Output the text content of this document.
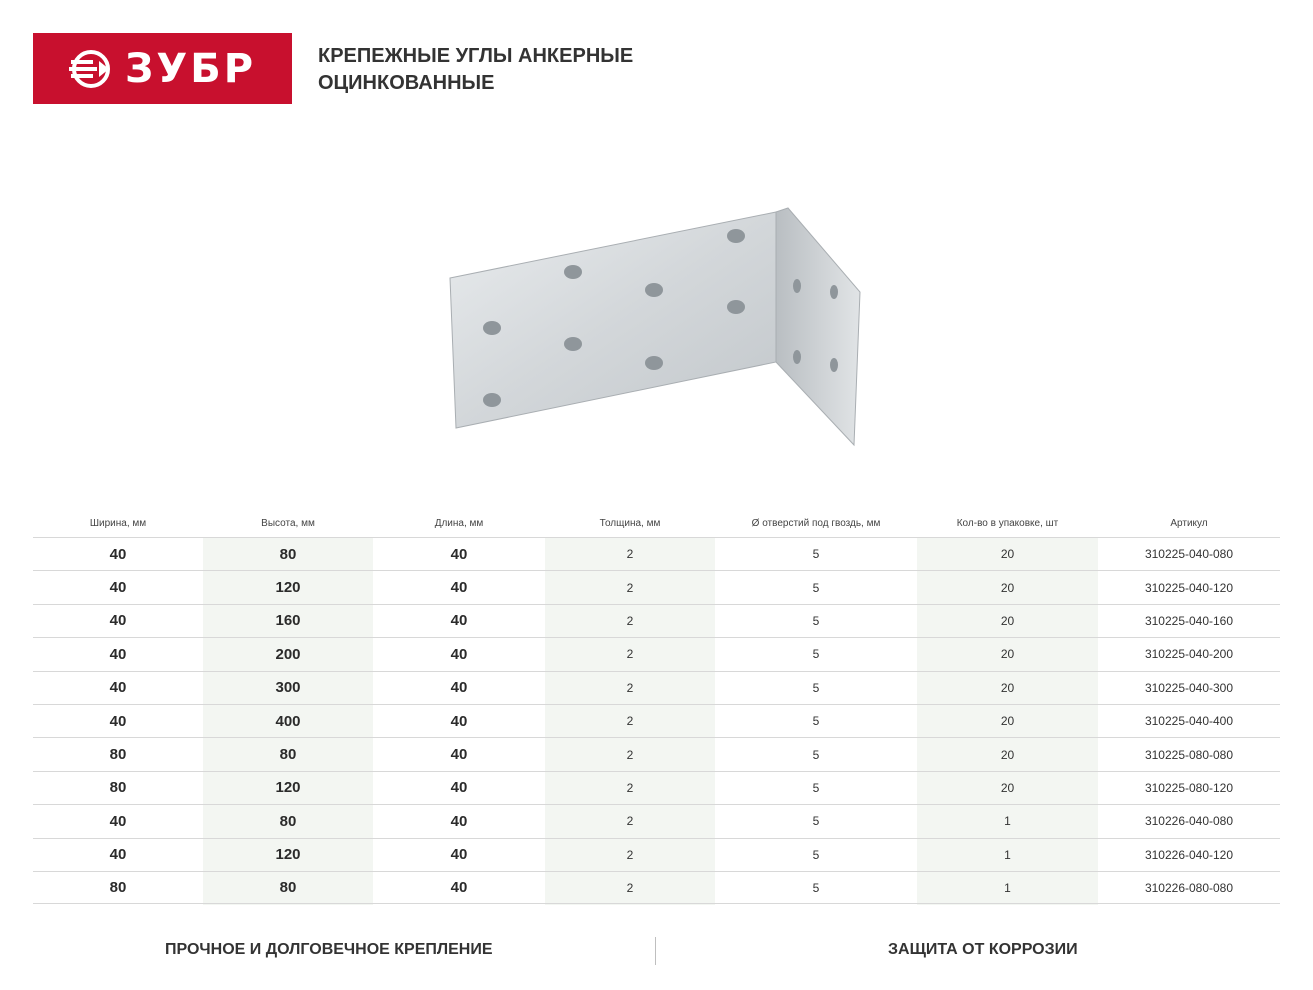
ЗУБР	КРЕПЕЖНЫЕ УГЛЫ АНКЕРНЫЕ
ОЦИНКОВАННЫЕ
Ширина, мм	Высота, мм	Длина, мм	Толщина, мм	Ø отверстий под гвоздь, мм	Кол-во в упаковке, шт	Артикул
40	80	40	2	5	20	310225-040-080
40	120	40	2	5	20	310225-040-120
40	160	40	2	5	20	310225-040-160
40	200	40	2	5	20	310225-040-200
40	300	40	2	5	20	310225-040-300
40	400	40	2	5	20	310225-040-400
80	80	40	2	5	20	310225-080-080
80	120	40	2	5	20	310225-080-120
40	80	40	2	5	1	310226-040-080
40	120	40	2	5	1	310226-040-120
80	80	40	2	5	1	310226-080-080
ПРОЧНОЕ И ДОЛГОВЕЧНОЕ КРЕПЛЕНИЕ	ЗАЩИТА ОТ КОРРОЗИИ
